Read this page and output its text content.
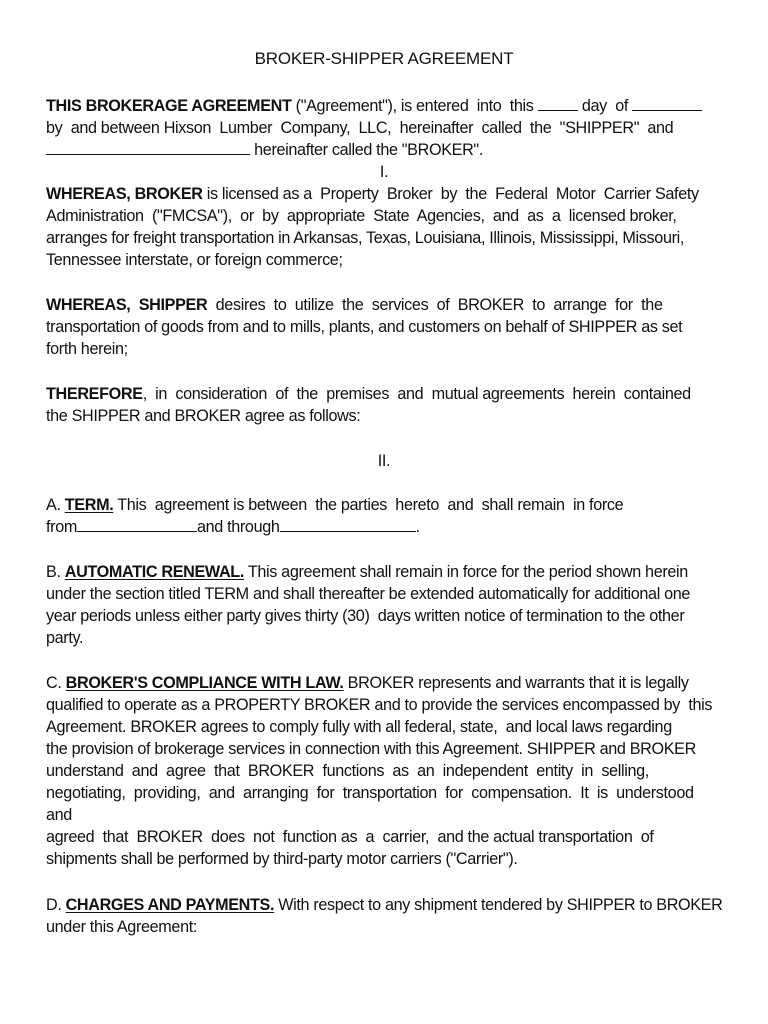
BROKER-SHIPPER AGREEMENT
THIS BROKERAGE AGREEMENT ("Agreement"), is entered  into  this	day  of
by  and between Hixson  Lumber  Company,  LLC,  hereinafter  called  the  "SHIPPER"  and
hereinafter called the "BROKER".
I.
WHEREAS, BROKER is licensed as a  Property  Broker  by  the  Federal  Motor  Carrier Safety
Administration  ("FMCSA"),  or  by  appropriate  State  Agencies,  and  as  a  licensed broker,
arranges for freight transportation in Arkansas, Texas, Louisiana, Illinois, Mississippi, Missouri,
Tennessee interstate, or foreign commerce;
WHEREAS,  SHIPPER  desires  to  utilize  the  services  of  BROKER  to  arrange  for  the
transportation of goods from and to mills, plants, and customers on behalf of SHIPPER as set
forth herein;
THEREFORE,  in  consideration  of  the  premises  and  mutual agreements  herein  contained
the SHIPPER and BROKER agree as follows:
II.
A. TERM. This  agreement is between  the parties  hereto  and  shall remain  in force
from	and through	.
B. AUTOMATIC RENEWAL. This agreement shall remain in force for the period shown herein
under the section titled TERM and shall thereafter be extended automatically for additional one
year periods unless either party gives thirty (30)  days written notice of termination to the other
party.
C. BROKER'S COMPLIANCE WITH LAW. BROKER represents and warrants that it is legally
qualified to operate as a PROPERTY BROKER and to provide the services encompassed by  this
Agreement. BROKER agrees to comply fully with all federal, state,  and local laws regarding
the provision of brokerage services in connection with this Agreement. SHIPPER and BROKER
understand  and  agree  that  BROKER  functions  as  an  independent  entity  in  selling,
negotiating,  providing,  and  arranging  for  transportation  for  compensation.  It  is  understood
and
agreed  that  BROKER  does  not  function as  a  carrier,  and the actual transportation  of
shipments shall be performed by third-party motor carriers ("Carrier").
D. CHARGES AND PAYMENTS. With respect to any shipment tendered by SHIPPER to BROKER
under this Agreement:
